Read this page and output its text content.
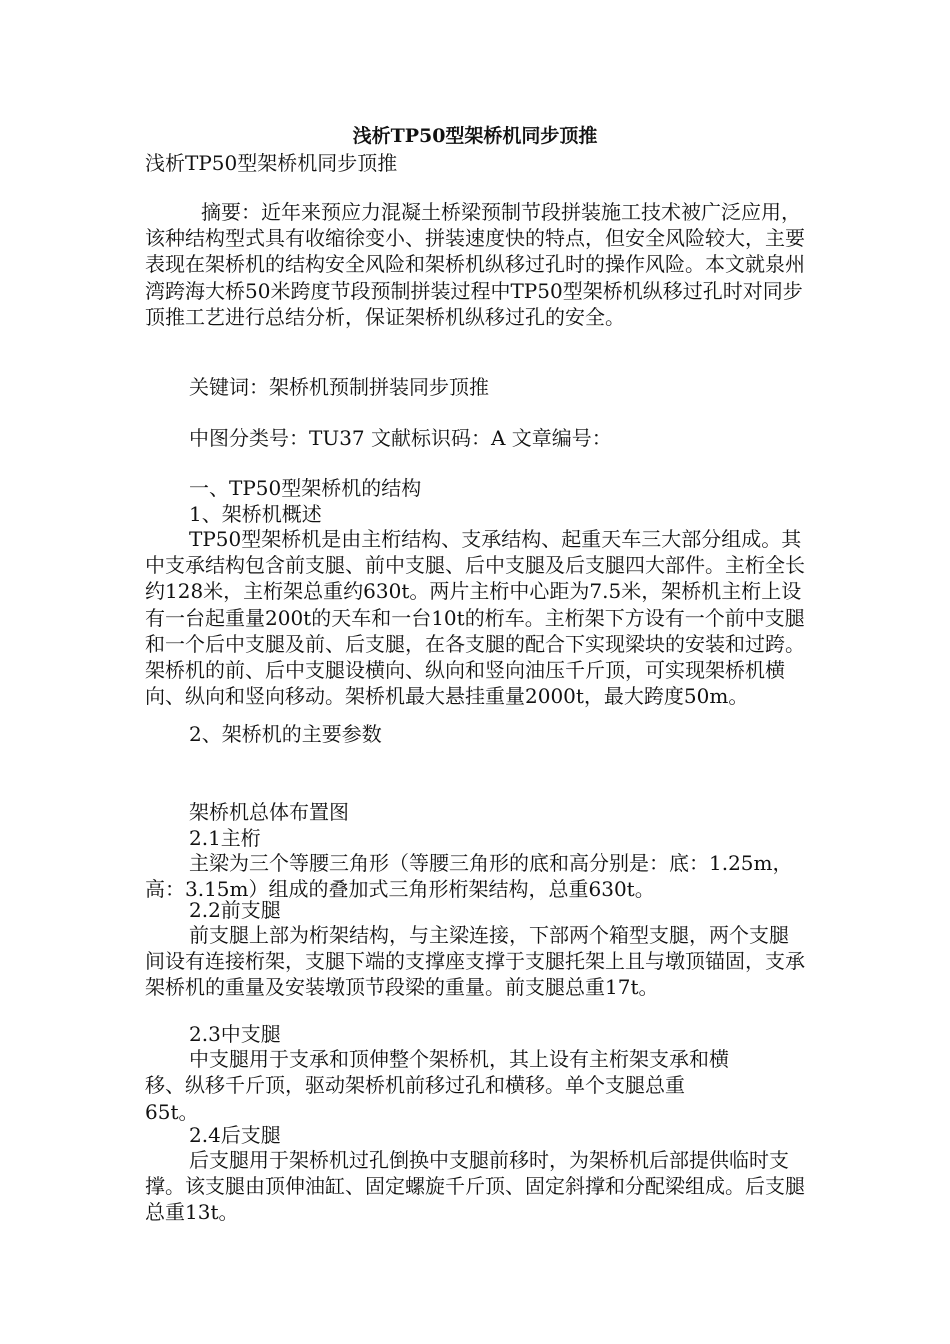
浅析TP50型架桥机同步顶推
浅析TP50型架桥机同步顶推
摘要：近年来预应力混凝土桥梁预制节段拼装施工技术被广泛应用，该种结构型式具有收缩徐变小、拼装速度快的特点，但安全风险较大，主要表现在架桥机的结构安全风险和架桥机纵移过孔时的操作风险。本文就泉州湾跨海大桥50米跨度节段预制拼装过程中TP50型架桥机纵移过孔时对同步顶推工艺进行总结分析，保证架桥机纵移过孔的安全。
关键词：架桥机预制拼装同步顶推
中图分类号：TU37 文献标识码：A 文章编号：
一、TP50型架桥机的结构
1、架桥机概述
TP50型架桥机是由主桁结构、支承结构、起重天车三大部分组成。其中支承结构包含前支腿、前中支腿、后中支腿及后支腿四大部件。主桁全长约128米，主桁架总重约630t。两片主桁中心距为7.5米，架桥机主桁上设有一台起重量200t的天车和一台10t的桁车。主桁架下方设有一个前中支腿和一个后中支腿及前、后支腿，在各支腿的配合下实现梁块的安装和过跨。架桥机的前、后中支腿设横向、纵向和竖向油压千斤顶，可实现架桥机横向、纵向和竖向移动。架桥机最大悬挂重量2000t，最大跨度50m。
2、架桥机的主要参数
架桥机总体布置图
2.1主桁
主梁为三个等腰三角形（等腰三角形的底和高分别是：底：1.25m，高：3.15m）组成的叠加式三角形桁架结构，总重630t。
2.2前支腿
前支腿上部为桁架结构，与主梁连接，下部两个箱型支腿，两个支腿间设有连接桁架，支腿下端的支撑座支撑于支腿托架上且与墩顶锚固，支承架桥机的重量及安装墩顶节段梁的重量。前支腿总重17t。
2.3中支腿
中支腿用于支承和顶伸整个架桥机，其上设有主桁架支承和横移、纵移千斤顶，驱动架桥机前移过孔和横移。单个支腿总重
65t。
2.4后支腿
后支腿用于架桥机过孔倒换中支腿前移时，为架桥机后部提供临时支撑。该支腿由顶伸油缸、固定螺旋千斤顶、固定斜撑和分配梁组成。后支腿总重13t。
